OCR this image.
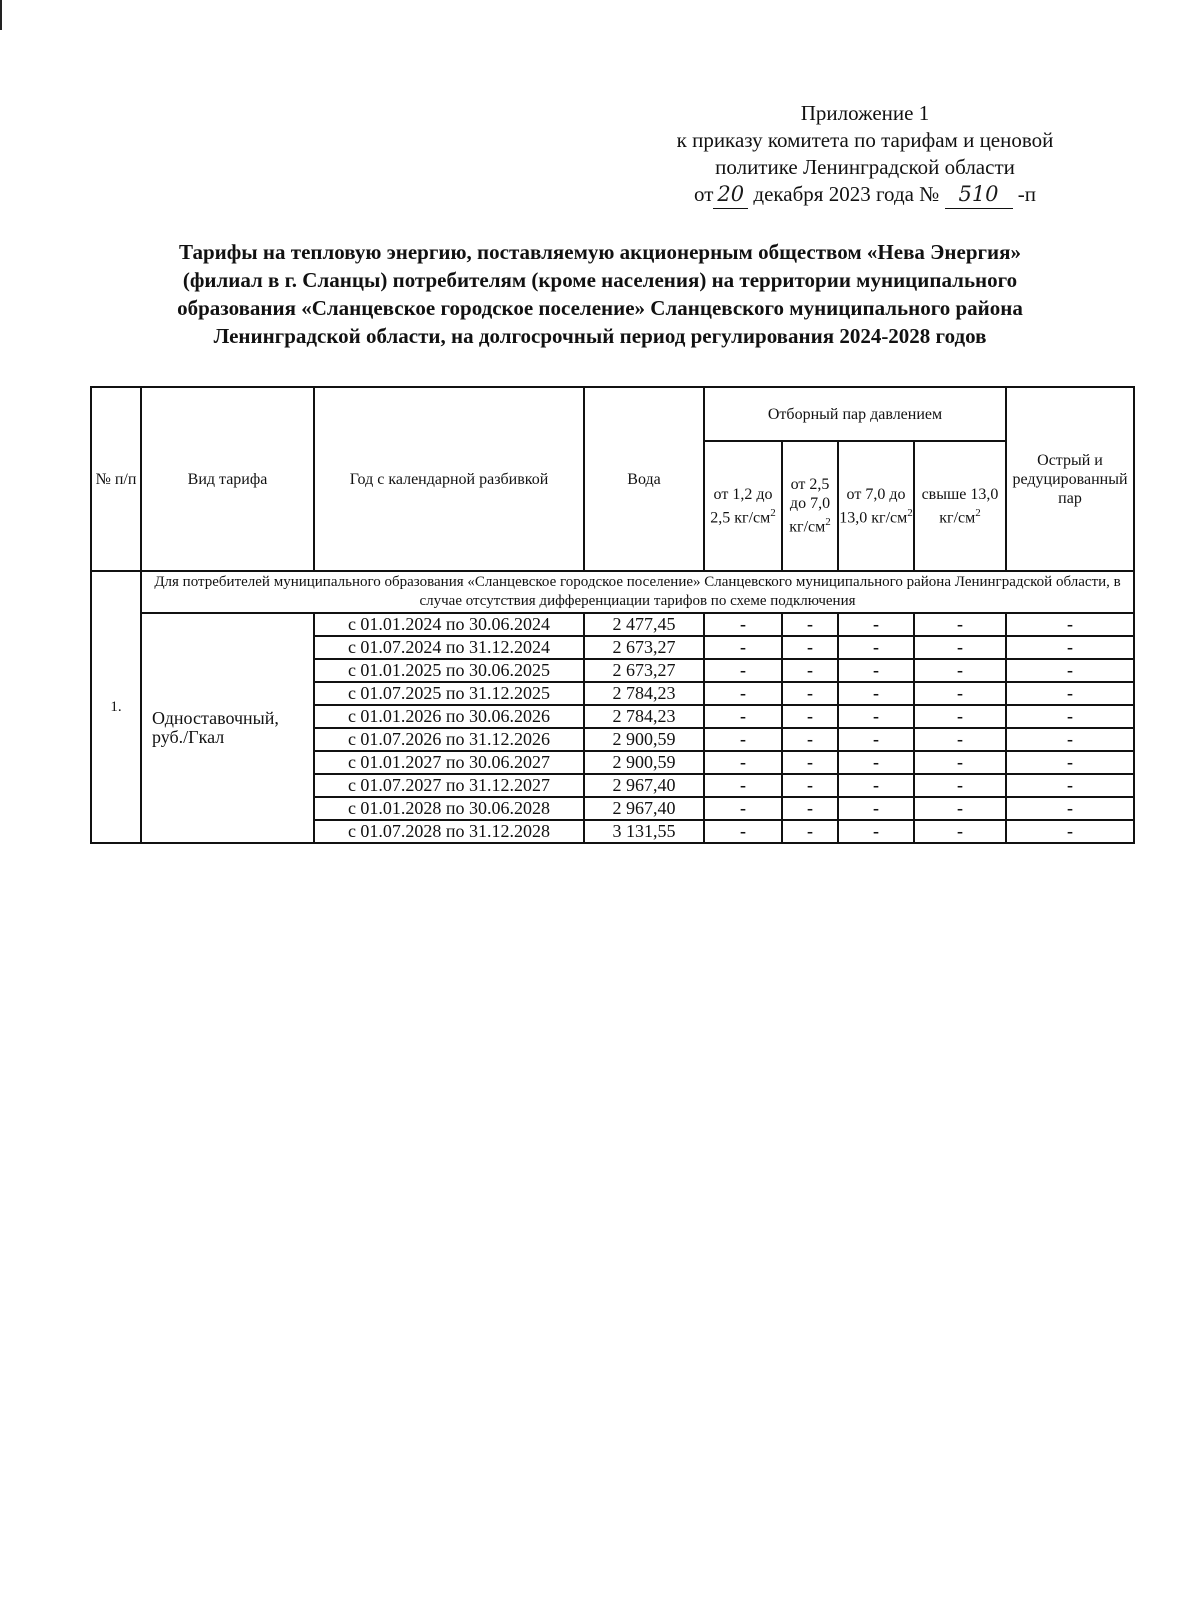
Приложение 1
к приказу комитета по тарифам и ценовой
политике Ленинградской области
от 20 декабря 2023 года № 510 -п
Тарифы на тепловую энергию, поставляемую акционерным обществом «Нева Энергия»
(филиал в г. Сланцы) потребителям (кроме населения) на территории муниципального
образования «Сланцевское городское поселение» Сланцевского муниципального района
Ленинградской области, на долгосрочный период регулирования 2024-2028 годов
№ п/п	Вид тарифа	Год с календарной разбивкой	Вода	Отборный пар давлением				Острый и редуцированный пар
				от 1,2 до 2,5 $кг/см^2$	от 2,5 до 7,0 $кг/см^2$	от 7,0 до 13,0 $кг/см^2$	свыше 13,0 $кг/см^2$
1.	Для потребителей муниципального образования «Сланцевское городское поселение» Сланцевского муниципального района Ленинградской области, в случае отсутствия дифференциации тарифов по схеме подключения							
	Одноставочный, руб./Гкал	с 01.01.2024 по 30.06.2024	2 477,45	-	-	-	-	-
		с 01.07.2024 по 31.12.2024	2 673,27	-	-	-	-	-
		с 01.01.2025 по 30.06.2025	2 673,27	-	-	-	-	-
		с 01.07.2025 по 31.12.2025	2 784,23	-	-	-	-	-
		с 01.01.2026 по 30.06.2026	2 784,23	-	-	-	-	-
		с 01.07.2026 по 31.12.2026	2 900,59	-	-	-	-	-
		с 01.01.2027 по 30.06.2027	2 900,59	-	-	-	-	-
		с 01.07.2027 по 31.12.2027	2 967,40	-	-	-	-	-
		с 01.01.2028 по 30.06.2028	2 967,40	-	-	-	-	-
		с 01.07.2028 по 31.12.2028	3 131,55	-	-	-	-	-
